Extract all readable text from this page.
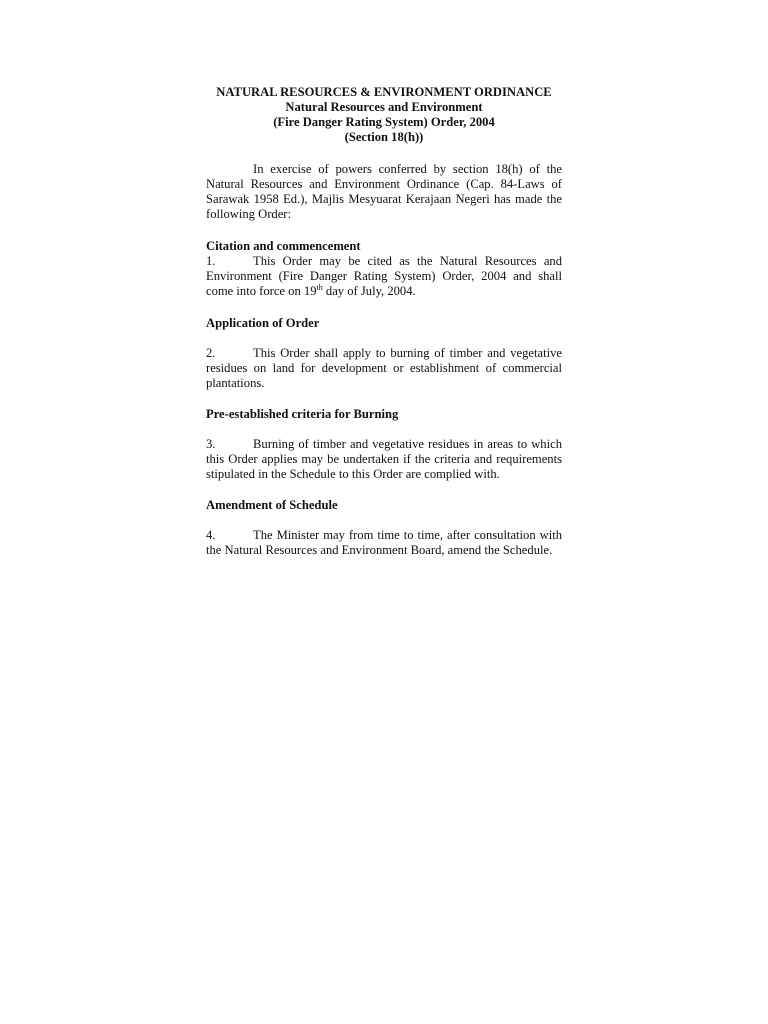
NATURAL RESOURCES & ENVIRONMENT ORDINANCE
Natural Resources and Environment
(Fire Danger Rating System) Order, 2004
(Section 18(h))

In exercise of powers conferred by section 18(h) of the Natural Resources and Environment Ordinance (Cap. 84-Laws of Sarawak 1958 Ed.), Majlis Mesyuarat Kerajaan Negeri has made the following Order:

Citation and commencement

1.	This Order may be cited as the Natural Resources and Environment (Fire Danger Rating System) Order, 2004 and shall come into force on 19th day of July, 2004.

Application of Order

2.	This Order shall apply to burning of timber and vegetative residues on land for development or establishment of commercial plantations.

Pre-established criteria for Burning

3.	Burning of timber and vegetative residues in areas to which this Order applies may be undertaken if the criteria and requirements stipulated in the Schedule to this Order are complied with.

Amendment of Schedule

4.	The Minister may from time to time, after consultation with the Natural Resources and Environment Board, amend the Schedule.
